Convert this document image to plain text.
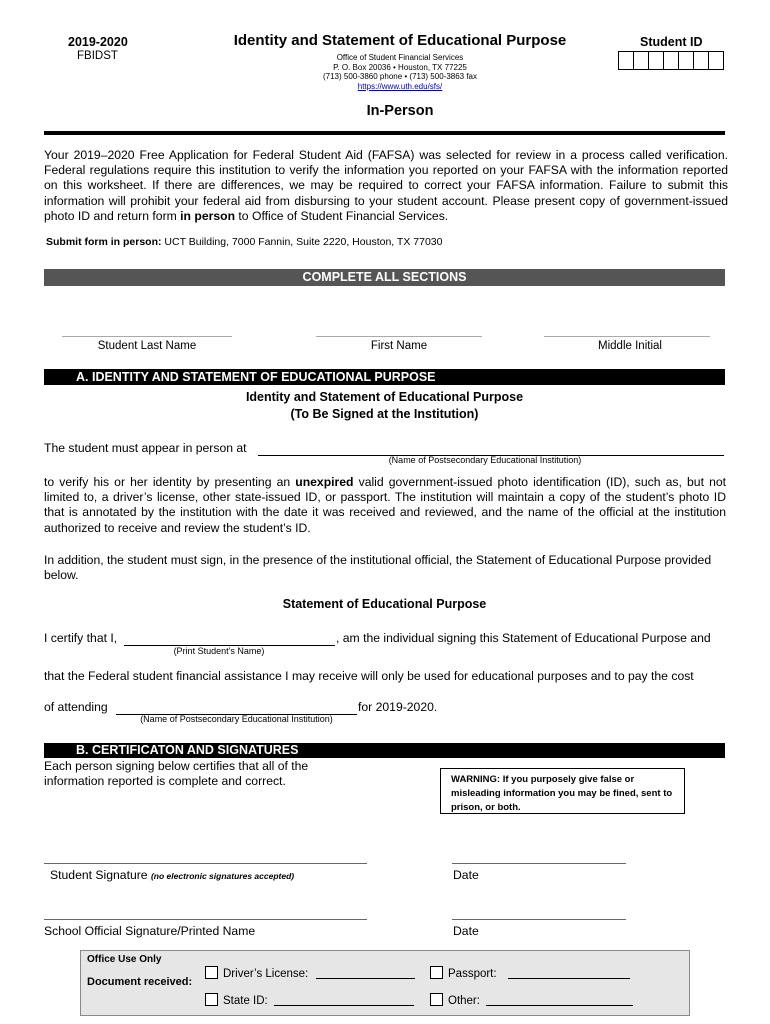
2019-2020
FBIDST
Identity and Statement of Educational Purpose
Office of Student Financial Services
P. O. Box 20036 • Houston, TX 77225
(713) 500-3860 phone • (713) 500-3863 fax
https://www.uth.edu/sfs/
Student ID
In-Person
Your 2019–2020 Free Application for Federal Student Aid (FAFSA) was selected for review in a process called verification. Federal regulations require this institution to verify the information you reported on your FAFSA with the information reported on this worksheet. If there are differences, we may be required to correct your FAFSA information. Failure to submit this information will prohibit your federal aid from disbursing to your student account. Please present copy of government-issued photo ID and return form in person to Office of Student Financial Services.
Submit form in person: UCT Building, 7000 Fannin, Suite 2220, Houston, TX 77030
COMPLETE ALL SECTIONS
Student Last Name	First Name	Middle Initial
A. IDENTITY AND STATEMENT OF EDUCATIONAL PURPOSE
Identity and Statement of Educational Purpose
(To Be Signed at the Institution)
The student must appear in person at
(Name of Postsecondary Educational Institution)
to verify his or her identity by presenting an unexpired valid government-issued photo identification (ID), such as, but not limited to, a driver’s license, other state-issued ID, or passport. The institution will maintain a copy of the student’s photo ID that is annotated by the institution with the date it was received and reviewed, and the name of the official at the institution authorized to receive and review the student’s ID.
In addition, the student must sign, in the presence of the institutional official, the Statement of Educational Purpose provided below.
Statement of Educational Purpose
I certify that I,	, am the individual signing this Statement of Educational Purpose and
(Print Student’s Name)
that the Federal student financial assistance I may receive will only be used for educational purposes and to pay the cost
of attending	for 2019-2020.
(Name of Postsecondary Educational Institution)
B. CERTIFICATON AND SIGNATURES
Each person signing below certifies that all of the
information reported is complete and correct.	WARNING: If you purposely give false or misleading information you may be fined, sent to prison, or both.
Student Signature (no electronic signatures accepted)	Date
School Official Signature/Printed Name	Date
Office Use Only
Document received:
Driver’s License:	Passport:
State ID:	Other:
